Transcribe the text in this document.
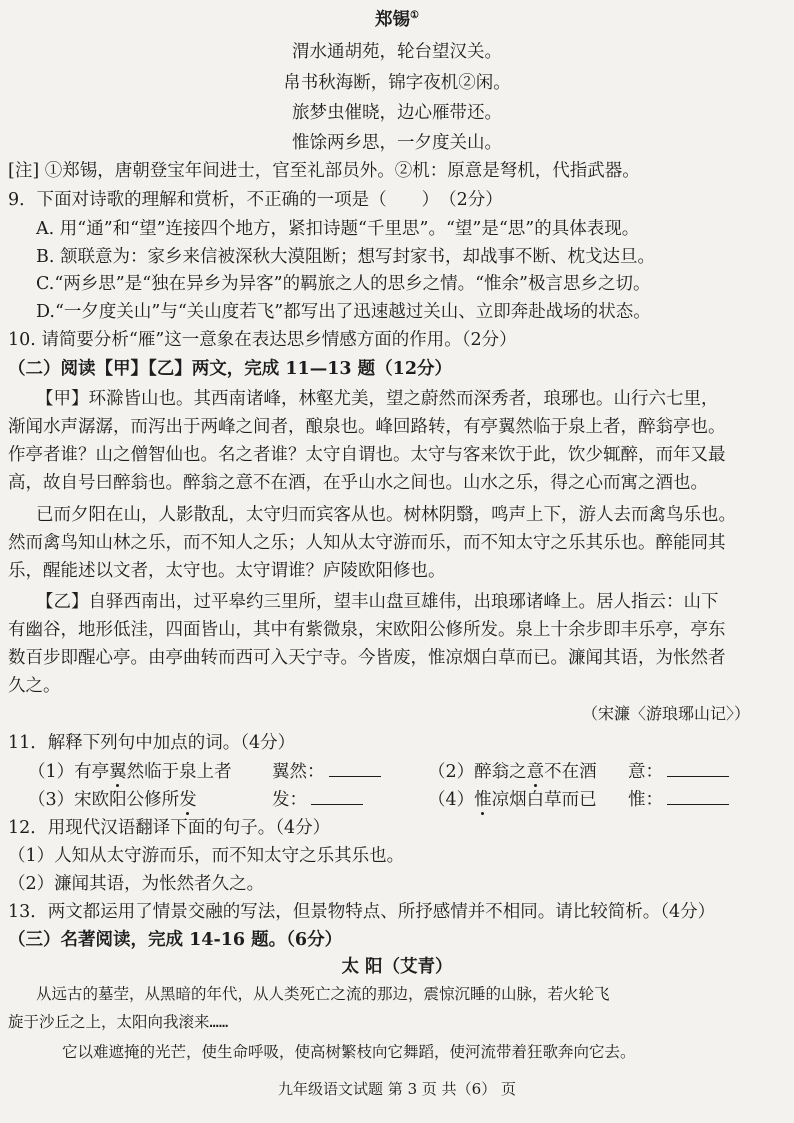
郑锡①
渭水通胡苑，轮台望汉关。
帛书秋海断，锦字夜机②闲。
旅梦虫催晓，边心雁带还。
惟馀两乡思，一夕度关山。
[注] ①郑锡，唐朝登宝年间进士，官至礼部员外。②机：原意是弩机，代指武器。
9．下面对诗歌的理解和赏析，不正确的一项是（　　）　（2分）
A. 用“通”和“望”连接四个地方，紧扣诗题“千里思”。“望”是“思”的具体表现。
B. 颔联意为：家乡来信被深秋大漠阻断；想写封家书，却战事不断、枕戈达旦。
C.“两乡思”是“独在异乡为异客”的羁旅之人的思乡之情。“惟余”极言思乡之切。
D.“一夕度关山”与“关山度若飞”都写出了迅速越过关山、立即奔赴战场的状态。
10. 请简要分析“雁”这一意象在表达思乡情感方面的作用。（2分）
（二）阅读【甲】【乙】两文，完成 11—13 题（12分）
【甲】环滁皆山也。其西南诸峰，林壑尤美，望之蔚然而深秀者，琅琊也。山行六七里，
渐闻水声潺潺，而泻出于两峰之间者，酿泉也。峰回路转，有亭翼然临于泉上者，醉翁亭也。
作亭者谁？山之僧智仙也。名之者谁？太守自谓也。太守与客来饮于此，饮少辄醉，而年又最
高，故自号曰醉翁也。醉翁之意不在酒，在乎山水之间也。山水之乐，得之心而寓之酒也。
已而夕阳在山，人影散乱，太守归而宾客从也。树林阴翳，鸣声上下，游人去而禽鸟乐也。
然而禽鸟知山林之乐，而不知人之乐；人知从太守游而乐，而不知太守之乐其乐也。醉能同其
乐，醒能述以文者，太守也。太守谓谁？庐陵欧阳修也。
【乙】自驿西南出，过平皋约三里所，望丰山盘亘雄伟，出琅琊诸峰上。居人指云：山下
有幽谷，地形低洼，四面皆山，其中有紫微泉，宋欧阳公修所发。泉上十余步即丰乐亭，亭东
数百步即醒心亭。由亭曲转而西可入天宁寺。今皆废，惟凉烟白草而已。濂闻其语，为怅然者
久之。
（宋濂〈游琅琊山记〉）
11．解释下列句中加点的词。（4分）
（1）有亭翼然临于泉上者 翼然：	（2）醉翁之意不在酒 意：
（3）宋欧阳公修所发	发：	（4）惟凉烟白草而已 惟：
12．用现代汉语翻译下面的句子。（4分）
（1）人知从太守游而乐，而不知太守之乐其乐也。
（2）濂闻其语，为怅然者久之。
13．两文都运用了情景交融的写法，但景物特点、所抒感情并不相同。请比较简析。（4分）
（三）名著阅读，完成 14-16 题。（6分）
太 阳（艾青）
从远古的墓茔，从黑暗的年代，从人类死亡之流的那边，震惊沉睡的山脉，若火轮飞
旋于沙丘之上，太阳向我滚来……
它以难遮掩的光芒，使生命呼吸，使高树繁枝向它舞蹈，使河流带着狂歌奔向它去。
九年级语文试题 第 3 页 共（6） 页
